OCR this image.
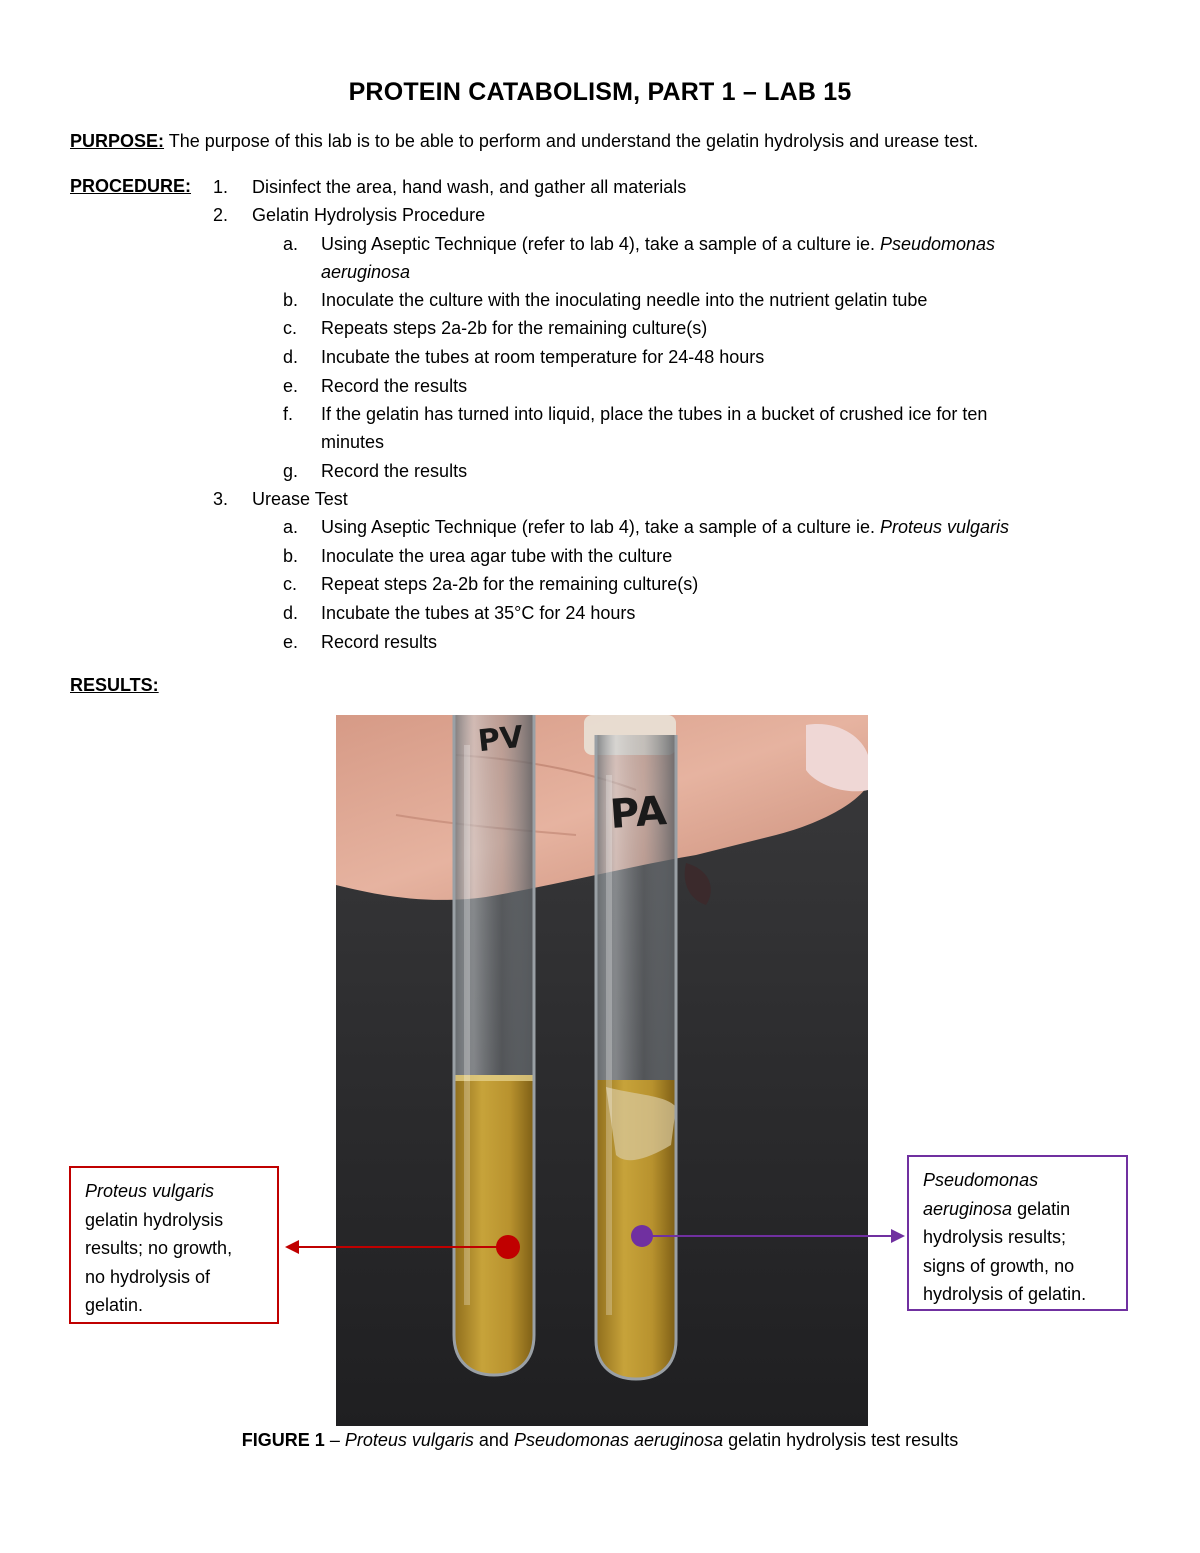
PROTEIN CATABOLISM, PART 1 – LAB 15
PURPOSE: The purpose of this lab is to be able to perform and understand the gelatin hydrolysis and urease test.
PROCEDURE: 1. Disinfect the area, hand wash, and gather all materials
2. Gelatin Hydrolysis Procedure
a. Using Aseptic Technique (refer to lab 4), take a sample of a culture ie. Pseudomonas
aeruginosa
b. Inoculate the culture with the inoculating needle into the nutrient gelatin tube
c. Repeats steps 2a-2b for the remaining culture(s)
d. Incubate the tubes at room temperature for 24-48 hours
e. Record the results
f. If the gelatin has turned into liquid, place the tubes in a bucket of crushed ice for ten
minutes
g. Record the results
3. Urease Test
a. Using Aseptic Technique (refer to lab 4), take a sample of a culture ie. Proteus vulgaris
b. Inoculate the urea agar tube with the culture
c. Repeat steps 2a-2b for the remaining culture(s)
d. Incubate the tubes at 35°C for 24 hours
e. Record results
RESULTS:
PV
PA
Proteus vulgaris
gelatin hydrolysis
results; no growth,
no hydrolysis of
gelatin.
Pseudomonas
aeruginosa gelatin
hydrolysis results;
signs of growth, no
hydrolysis of gelatin.
FIGURE 1 – Proteus vulgaris and Pseudomonas aeruginosa gelatin hydrolysis test results
